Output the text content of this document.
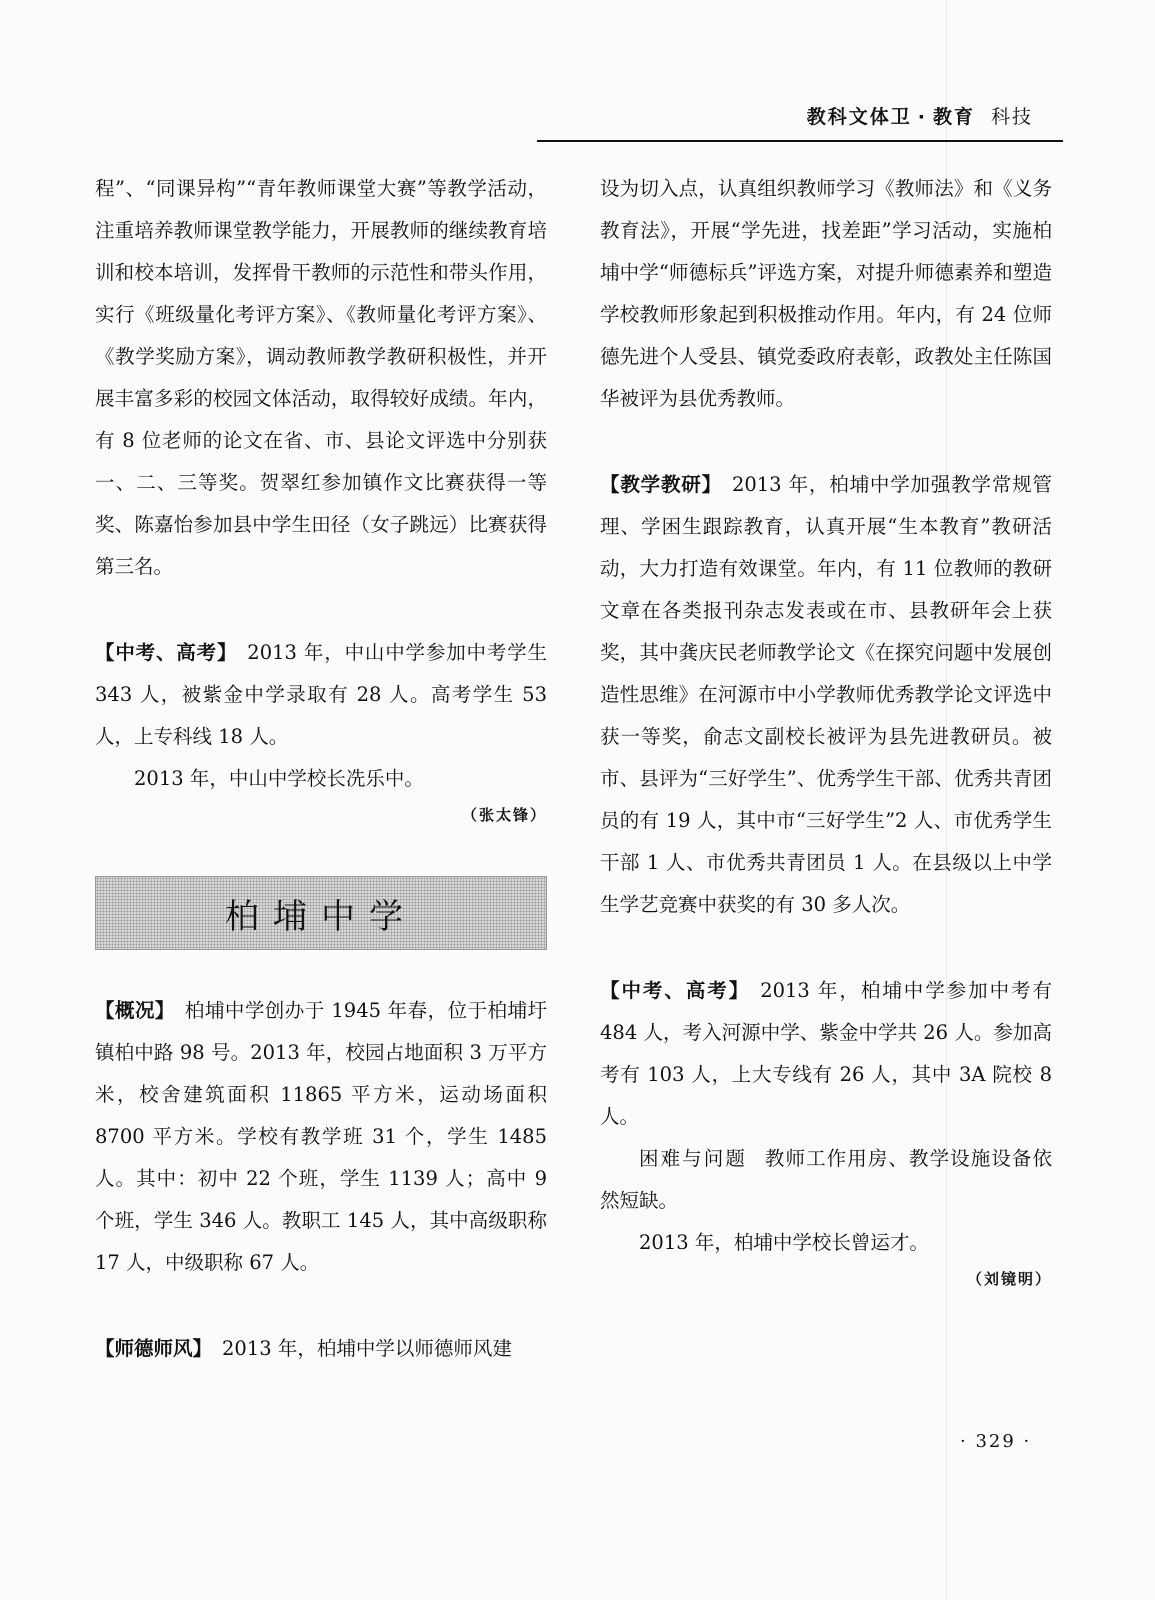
教科文体卫 · 教育 科技

程”、“同课异构”“青年教师课堂大赛”等教学活动，注重培养教师课堂教学能力，开展教师的继续教育培训和校本培训，发挥骨干教师的示范性和带头作用，实行《班级量化考评方案》、《教师量化考评方案》、《教学奖励方案》，调动教师教学教研积极性，并开展丰富多彩的校园文体活动，取得较好成绩。年内，有 8 位老师的论文在省、市、县论文评选中分别获一、二、三等奖。贺翠红参加镇作文比赛获得一等奖、陈嘉怡参加县中学生田径（女子跳远）比赛获得第三名。

【中考、高考】 2013 年，中山中学参加中考学生 343 人，被紫金中学录取有 28 人。高考学生 53 人，上专科线 18 人。

2013 年，中山中学校长冼乐中。

（张太锋）
柏埔中学

【概况】 柏埔中学创办于 1945 年春，位于柏埔圩镇柏中路 98 号。2013 年，校园占地面积 3 万平方米，校舍建筑面积 11865 平方米，运动场面积 8700 平方米。学校有教学班 31 个，学生 1485 人。其中：初中 22 个班，学生 1139 人；高中 9 个班，学生 346 人。教职工 145 人，其中高级职称 17 人，中级职称 67 人。

【师德师风】 2013 年，柏埔中学以师德师风建

设为切入点，认真组织教师学习《教师法》和《义务教育法》，开展“学先进，找差距”学习活动，实施柏埔中学“师德标兵”评选方案，对提升师德素养和塑造学校教师形象起到积极推动作用。年内，有 24 位师德先进个人受县、镇党委政府表彰，政教处主任陈国华被评为县优秀教师。

【教学教研】 2013 年，柏埔中学加强教学常规管理、学困生跟踪教育，认真开展“生本教育”教研活动，大力打造有效课堂。年内，有 11 位教师的教研文章在各类报刊杂志发表或在市、县教研年会上获奖，其中龚庆民老师教学论文《在探究问题中发展创造性思维》在河源市中小学教师优秀教学论文评选中获一等奖，俞志文副校长被评为县先进教研员。被市、县评为“三好学生”、优秀学生干部、优秀共青团员的有 19 人，其中市“三好学生”2 人、市优秀学生干部 1 人、市优秀共青团员 1 人。在县级以上中学生学艺竞赛中获奖的有 30 多人次。

【中考、高考】 2013 年，柏埔中学参加中考有 484 人，考入河源中学、紫金中学共 26 人。参加高考有 103 人，上大专线有 26 人，其中 3A 院校 8 人。

困难与问题 教师工作用房、教学设施设备依然短缺。

2013 年，柏埔中学校长曾运才。

（刘镜明）
· 329 ·
